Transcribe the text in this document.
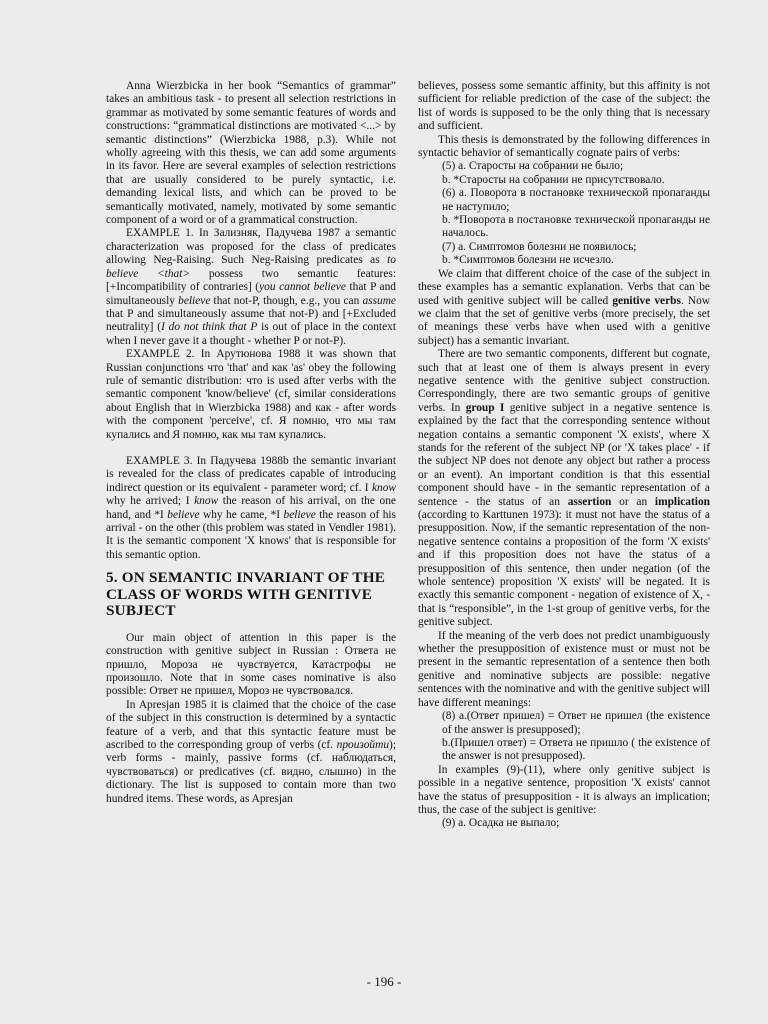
Anna Wierzbicka in her book “Semantics of grammar” takes an ambitious task - to present all selection restrictions in grammar as motivated by some semantic features of words and constructions: “grammatical distinctions are motivated <...> by semantic distinctions” (Wierzbicka 1988, p.3). While not wholly agreeing with this thesis, we can add some arguments in its favor. Here are several examples of selection restrictions that are usually considered to be purely syntactic, i.e. demanding lexical lists, and which can be proved to be semantically motivated, namely, motivated by some semantic component of a word or of a grammatical construction.

EXAMPLE 1. In Зализняк, Падучева 1987 a semantic characterization was proposed for the class of predicates allowing Neg-Raising. Such Neg-Raising predicates as to believe <that> possess two semantic features: [+Incompatibility of contraries] (you cannot believe that P and simultaneously believe that not-P, though, e.g., you can assume that P and simultaneously assume that not-P) and [+Excluded neutrality] (I do not think that P is out of place in the context when I never gave it a thought - whether P or not-P).

EXAMPLE 2. In Арутюнова 1988 it was shown that Russian conjunctions что 'that' and как 'as' obey the following rule of semantic distribution: что is used after verbs with the semantic component 'know/believe' (cf, similar considerations about English that in Wierzbicka 1988) and как - after words with the component 'perceive', cf. Я помню, что мы там купались and Я помню, как мы там купались.

EXAMPLE 3. In Падучева 1988b the semantic invariant is revealed for the class of predicates capable of introducing indirect question or its equivalent - parameter word; cf. I know why he arrived; I know the reason of his arrival, on the one hand, and *I believe why he came, *I believe the reason of his arrival - on the other (this problem was stated in Vendler 1981). It is the semantic component 'X knows' that is responsible for this semantic option.

5. ON SEMANTIC INVARIANT OF THE CLASS OF WORDS WITH GENITIVE SUBJECT

Our main object of attention in this paper is the construction with genitive subject in Russian : Ответа не пришло, Мороза не чувствуется, Катастрофы не произошло. Note that in some cases nominative is also possible: Ответ не пришел, Мороз не чувствовался.

In Apresjan 1985 it is claimed that the choice of the case of the subject in this construction is determined by a syntactic feature of a verb, and that this syntactic feature must be ascribed to the corresponding group of verbs (cf. произойти); verb forms - mainly, passive forms (cf. наблюдаться, чувствоваться) or predicatives (cf. видно, слышно) in the dictionary. The list is supposed to contain more than two hundred items. These words, as Apresjan

believes, possess some semantic affinity, but this affinity is not sufficient for reliable prediction of the case of the subject: the list of words is supposed to be the only thing that is necessary and sufficient.

This thesis is demonstrated by the following differences in syntactic behavior of semantically cognate pairs of verbs:

(5) а. Старосты на собрании не было;

b. *Старосты на собрании не присутствовало.

(6) а. Поворота в постановке технической пропаганды не наступило;

b. *Поворота в постановке технической пропаганды не началось.

(7) а. Симптомов болезни не появилось;

b. *Симптомов болезни не исчезло.

We claim that different choice of the case of the subject in these examples has a semantic explanation. Verbs that can be used with genitive subject will be called genitive verbs. Now we claim that the set of genitive verbs (more precisely, the set of meanings these verbs have when used with a genitive subject) has a semantic invariant.

There are two semantic components, different but cognate, such that at least one of them is always present in every negative sentence with the genitive subject construction. Correspondingly, there are two semantic groups of genitive verbs. In group I genitive subject in a negative sentence is explained by the fact that the corresponding sentence without negation contains a semantic component 'X exists', where X stands for the referent of the subject NP (or 'X takes place' - if the subject NP does not denote any object but rather a process or an event). An important condition is that this essential component should have - in the semantic representation of a sentence - the status of an assertion or an implication (according to Karttunen 1973): it must not have the status of a presupposition. Now, if the semantic representation of the non-negative sentence contains a proposition of the form 'X exists' and if this proposition does not have the status of a presupposition of this sentence, then under negation (of the whole sentence) proposition 'X exists' will be negated. It is exactly this semantic component - negation of existence of X, - that is “responsible”, in the 1-st group of genitive verbs, for the genitive subject.

If the meaning of the verb does not predict unambiguously whether the presupposition of existence must or must not be present in the semantic representation of a sentence then both genitive and nominative subjects are possible: negative sentences with the nominative and with the genitive subject will have different meanings:

(8) а.(Ответ пришел) = Ответ не пришел (the existence of the answer is presupposed);

b.(Пришел ответ) = Ответа не пришло ( the existence of the answer is not presupposed).

In examples (9)-(11), where only genitive subject is possible in a negative sentence, proposition 'X exists' cannot have the status of presupposition - it is always an implication; thus, the case of the subject is genitive:

(9) а. Осадка не выпало;

- 196 -
